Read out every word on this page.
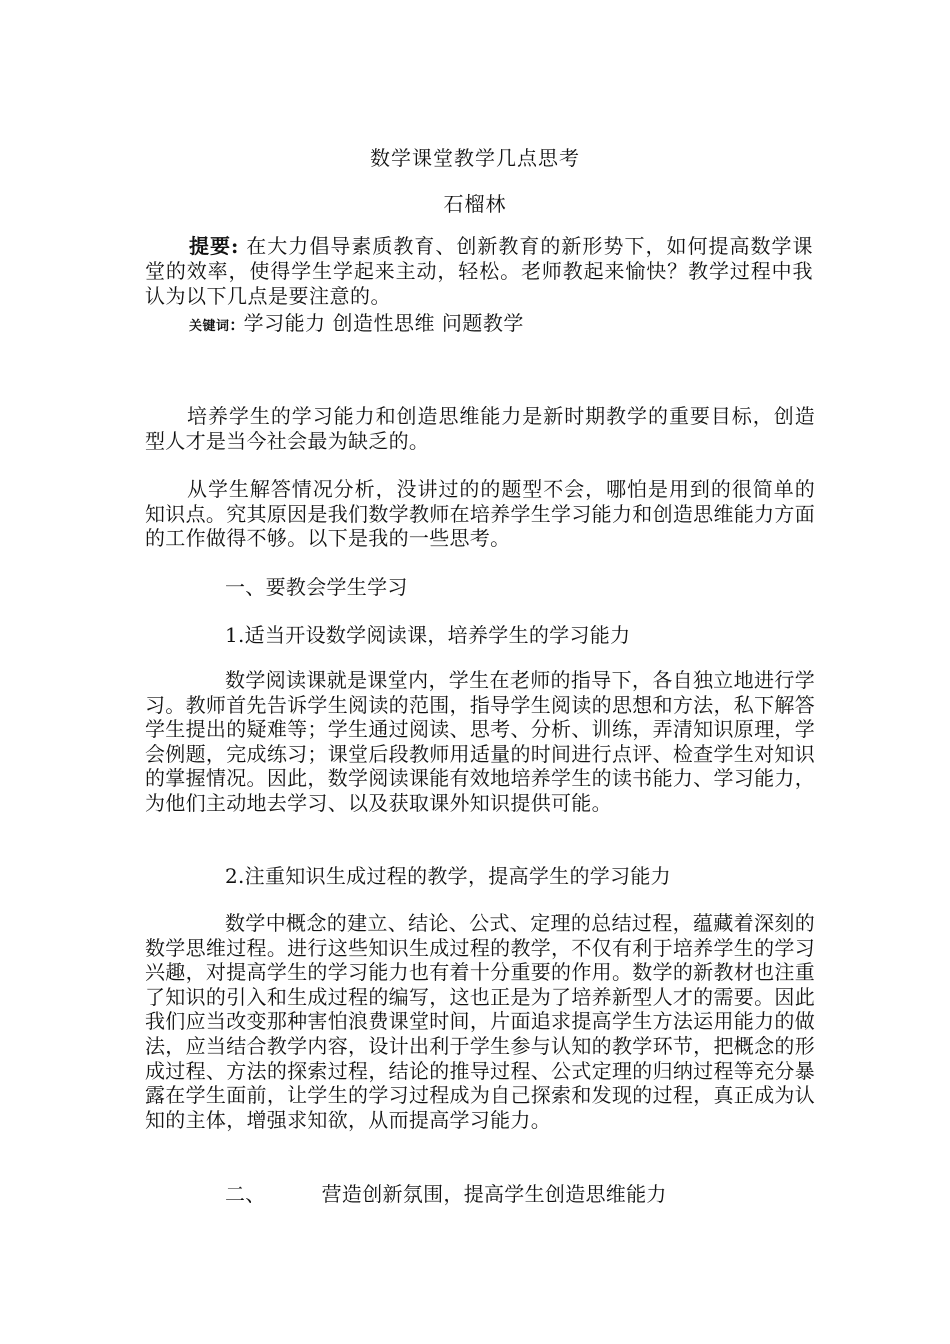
数学课堂教学几点思考
石榴林
提要: 在大力倡导素质教育、创新教育的新形势下，如何提高数学课堂的效率，使得学生学起来主动，轻松。老师教起来愉快？教学过程中我认为以下几点是要注意的。
关键词: 学习能力 创造性思维 问题教学
培养学生的学习能力和创造思维能力是新时期教学的重要目标，创造型人才是当今社会最为缺乏的。
从学生解答情况分析，没讲过的的题型不会，哪怕是用到的很简单的知识点。究其原因是我们数学教师在培养学生学习能力和创造思维能力方面的工作做得不够。以下是我的一些思考。
一、要教会学生学习
1.适当开设数学阅读课，培养学生的学习能力
数学阅读课就是课堂内，学生在老师的指导下，各自独立地进行学习。教师首先告诉学生阅读的范围，指导学生阅读的思想和方法，私下解答学生提出的疑难等；学生通过阅读、思考、分析、训练，弄清知识原理，学会例题，完成练习；课堂后段教师用适量的时间进行点评、检查学生对知识的掌握情况。因此，数学阅读课能有效地培养学生的读书能力、学习能力，为他们主动地去学习、以及获取课外知识提供可能。
2.注重知识生成过程的教学，提高学生的学习能力
数学中概念的建立、结论、公式、定理的总结过程，蕴藏着深刻的数学思维过程。进行这些知识生成过程的教学，不仅有利于培养学生的学习兴趣，对提高学生的学习能力也有着十分重要的作用。数学的新教材也注重了知识的引入和生成过程的编写，这也正是为了培养新型人才的需要。因此我们应当改变那种害怕浪费课堂时间，片面追求提高学生方法运用能力的做法，应当结合教学内容，设计出利于学生参与认知的教学环节，把概念的形成过程、方法的探索过程，结论的推导过程、公式定理的归纳过程等充分暴露在学生面前，让学生的学习过程成为自己探索和发现的过程，真正成为认知的主体，增强求知欲，从而提高学习能力。
二、	营造创新氛围，提高学生创造思维能力
